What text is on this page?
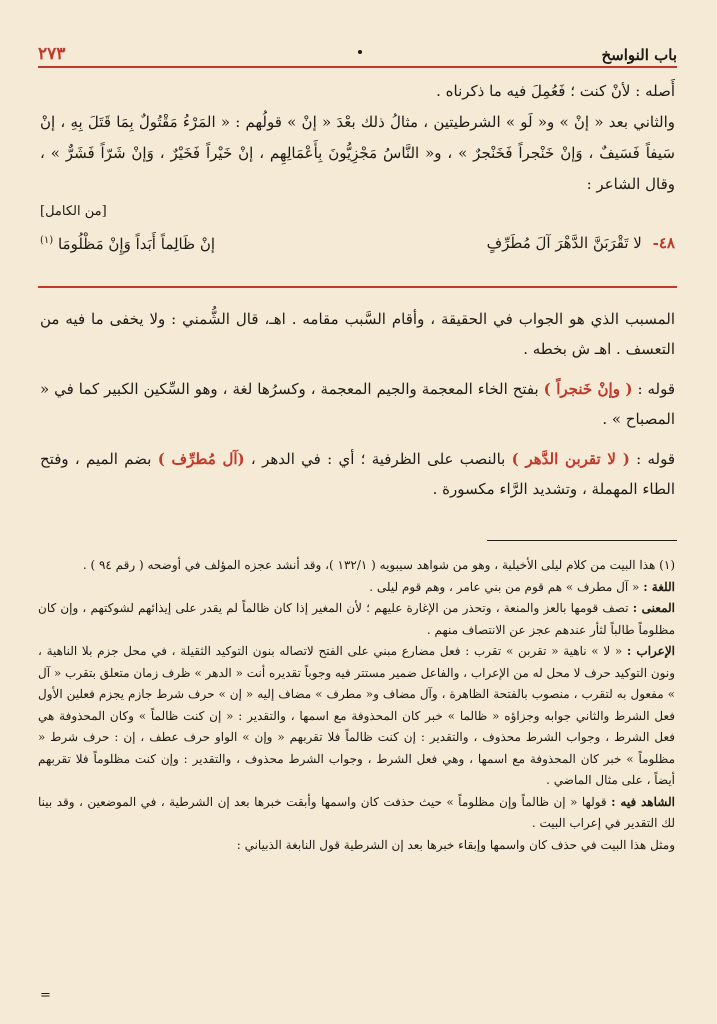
باب النواسخ
٢٧٣

أَصله : لأنْ كنت ؛ فَعُمِلَ فيه ما ذكرناه .

والثاني بعد « إنْ » و« لَو » الشرطيتين ، مثالُ ذلك بعْدَ « إنْ » قولُهم : « المَرْءُ مَقْتُولٌ بِمَا قَتَلَ بِهِ ، إنْ سَيفاً فَسَيفٌ ، وَإنْ خَنْجراً فَخَنْجرٌ » ، و« النَّاسُ مَجْزِيُّونَ بِأَعْمَالِهِم ، إنْ خَيْراً فَخَيْرٌ ، وَإنْ شَرّاً فَشَرٌّ » ، وقال الشاعر :

[من الكامل]
٤٨- لا تَقْرَبَنَّ الدَّهْرَ آلَ مُطَرِّفٍ
إنْ ظَالِماً أَبَداً وَإِنْ مَظْلُومَا $^{(١)}$

المسبب الذي هو الجواب في الحقيقة ، وأقام السَّبب مقامه . اهـ، قال الشُّمني : ولا يخفى ما فيه من التعسف . اهـ ش بخطه .

قوله : ( وإنْ خَنجراً ) بفتح الخاء المعجمة والجيم المعجمة ، وكسرُها لغة ، وهو السِّكين الكبير كما في « المصباح » .

قوله : ( لا تقربن الدَّهر ) بالنصب على الظرفية ؛ أي : في الدهر ، (آل مُطرِّف ) بضم الميم ، وفتح الطاء المهملة ، وتشديد الرَّاء مكسورة .

(١) هذا البيت من كلام ليلى الأخيلية ، وهو من شواهد سيبويه ( ١٣٢/١ )، وقد أنشد عجزه المؤلف في أوضحه ( رقم ٩٤ ) .

اللغة : « آل مطرف » هم قوم من بني عامر ، وهم قوم ليلى .

المعنى : تصف قومها بالعز والمنعة ، وتحذر من الإغارة عليهم ؛ لأن المغير إذا كان ظالماً لم يقدر على إيذائهم لشوكتهم ، وإن كان مظلوماً طالباً لثأر عندهم عجز عن الانتصاف منهم .

الإعراب : « لا » ناهية « تقربن » تقرب : فعل مضارع مبني على الفتح لاتصاله بنون التوكيد الثقيلة ، في محل جزم بلا الناهية ، ونون التوكيد حرف لا محل له من الإعراب ، والفاعل ضمير مستتر فيه وجوباً تقديره أنت « الدهر » ظرف زمان متعلق بتقرب « آل » مفعول به لتقرب ، منصوب بالفتحة الظاهرة ، وآل مضاف و« مطرف » مضاف إليه « إن » حرف شرط جازم يجزم فعلين الأول فعل الشرط والثاني جوابه وجزاؤه « ظالما » خبر كان المحذوفة مع اسمها ، والتقدير : « إن كنت ظالماً » وكان المحذوفة هي فعل الشرط ، وجواب الشرط محذوف ، والتقدير : إن كنت ظالماً فلا تقربهم « وإن » الواو حرف عطف ، إن : حرف شرط « مظلوماً » خبر كان المحذوفة مع اسمها ، وهي فعل الشرط ، وجواب الشرط محذوف ، والتقدير : وإن كنت مظلوماً فلا تقربهم أيضاً ، على مثال الماضي .

الشاهد فيه : قولها « إن ظالماً وإن مظلوماً » حيث حذفت كان واسمها وأبقت خبرها بعد إن الشرطية ، في الموضعين ، وقد بينا لك التقدير في إعراب البيت .

ومثل هذا البيت في حذف كان واسمها وإبقاء خبرها بعد إن الشرطية قول النابغة الذبياني :

=
